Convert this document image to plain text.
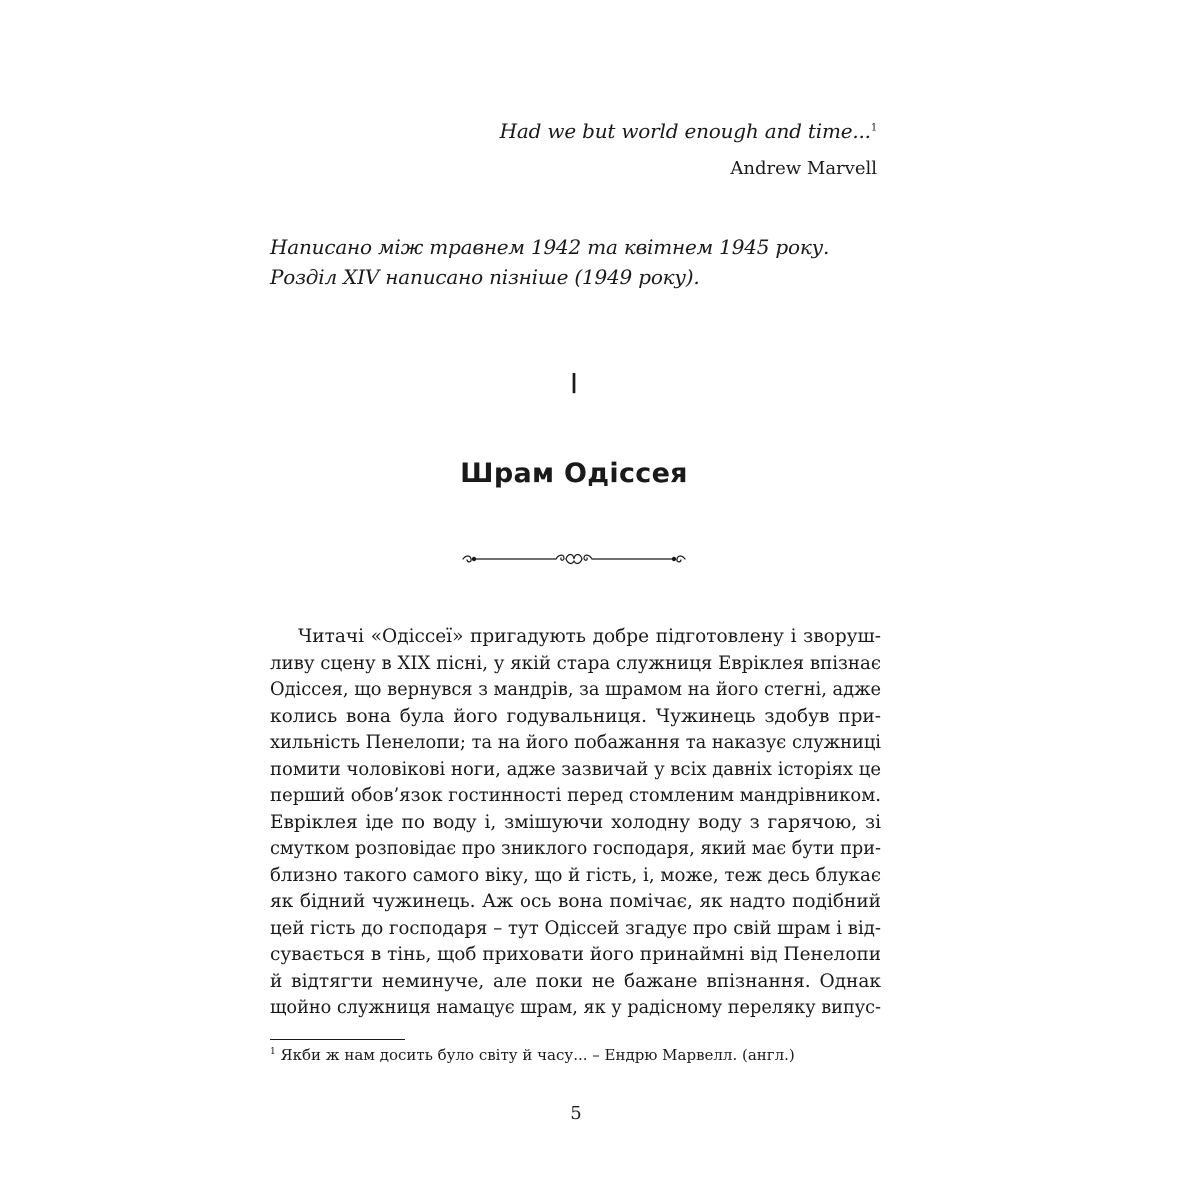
Had we but world enough and time...$^1$
Andrew Marvell
Написано між травнем 1942 та квітнем 1945 року.
Розділ XIV написано пізніше (1949 року).
I
Шрам Одіссея
Читачі «Одіссеї» пригадують добре підготовлену і зворуш-
ливу сцену в XIX пісні, у якій стара служниця Евріклея впізнає
Одіссея, що вернувся з мандрів, за шрамом на його стегні, адже
колись вона була його годувальниця. Чужинець здобув при-
хильність Пенелопи; та на його побажання та наказує служниці
помити чоловікові ноги, адже зазвичай у всіх давніх історіях це
перший обов’язок гостинності перед стомленим мандрівником.
Евріклея іде по воду і, змішуючи холодну воду з гарячою, зі
смутком розповідає про зниклого господаря, який має бути при-
близно такого самого віку, що й гість, і, може, теж десь блукає
як бідний чужинець. Аж ось вона помічає, як надто подібний
цей гість до господаря – тут Одіссей згадує про свій шрам і від-
сувається в тінь, щоб приховати його принаймні від Пенелопи
й відтягти неминуче, але поки не бажане впізнання. Однак
щойно служниця намацує шрам, як у радісному переляку випус-
$^1$ Якби ж нам досить було світу й часу... – Ендрю Марвелл. (англ.)
5
